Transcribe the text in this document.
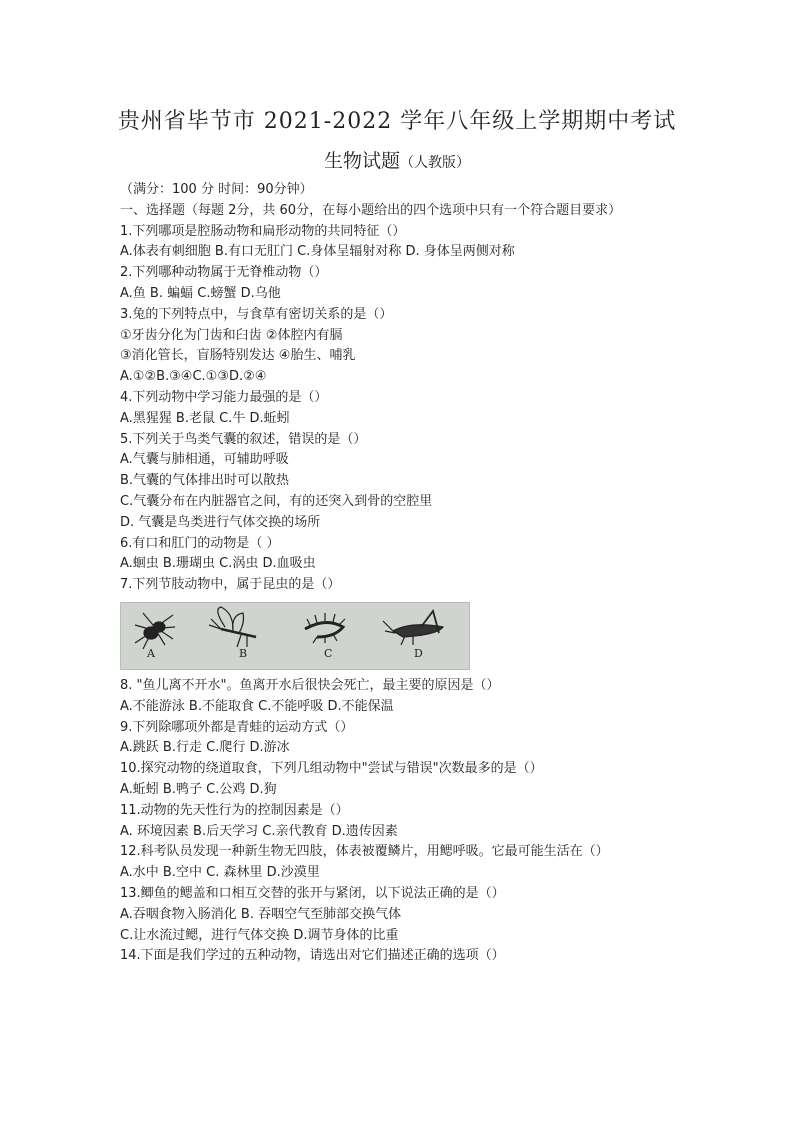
贵州省毕节市 2021-2022 学年八年级上学期期中考试
生物试题（人教版）
（满分：100 分 时间：90分钟）
一、选择题（每题 2分，共 60分，在每小题给出的四个选项中只有一个符合题目要求）
1.下列哪项是腔肠动物和扁形动物的共同特征（）
A.体表有刺细胞 B.有口无肛门 C.身体呈辐射对称 D. 身体呈两侧对称
2.下列哪种动物属于无脊椎动物（）
A.鱼 B. 蝙蝠 C.螃蟹 D.乌他
3.兔的下列特点中，与食草有密切关系的是（）
①牙齿分化为门齿和臼齿 ②体腔内有膈
③消化管长，盲肠特别发达 ④胎生、哺乳
A.①②B.③④C.①③D.②④
4.下列动物中学习能力最强的是（）
A.黑猩猩 B.老鼠 C.牛 D.蚯蚓
5.下列关于鸟类气囊的叙述，错误的是（）
A.气囊与肺相通，可辅助呼吸
B.气囊的气体排出时可以散热
C.气囊分布在内脏器官之间，有的还突入到骨的空腔里
D. 气囊是鸟类进行气体交换的场所
6.有口和肛门的动物是（ ）
A.蛔虫 B.珊瑚虫 C.涡虫 D.血吸虫
7.下列节肢动物中，属于昆虫的是（）
A	B	C	D
8. "鱼儿离不开水"。鱼离开水后很快会死亡，最主要的原因是（）
A.不能游泳 B.不能取食 C.不能呼吸 D.不能保温
9.下列除哪项外都是青蛙的运动方式（）
A.跳跃 B.行走 C.爬行 D.游冰
10.探究动物的绕道取食，下列几组动物中"尝试与错误"次数最多的是（）
A.蚯蚓 B.鸭子 C.公鸡 D.狗
11.动物的先天性行为的控制因素是（）
A. 环境因素 B.后天学习 C.亲代教育 D.遗传因素
12.科考队员发现一种新生物无四肢，体表被覆鳞片，用鳃呼吸。它最可能生活在（）
A.水中 B.空中 C. 森林里 D.沙漠里
13.鲫鱼的鳃盖和口相互交替的张开与紧闭，以下说法正确的是（）
A.吞咽食物入肠消化 B. 吞咽空气至肺部交换气体
C.让水流过鳃，进行气体交换 D.调节身体的比重
14.下面是我们学过的五种动物，请选出对它们描述正确的选项（）
